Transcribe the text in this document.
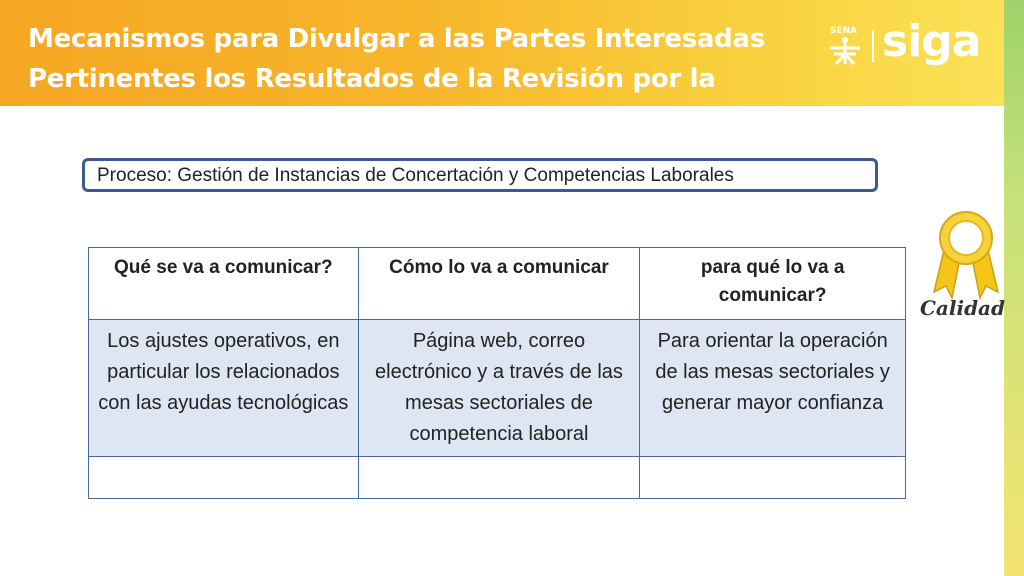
Mecanismos para Divulgar a las Partes Interesadas
Pertinentes los Resultados de la Revisión por la Dirección
SENA siga
Proceso: Gestión de Instancias de Concertación y Competencias Laborales
Qué se va a comunicar?	Cómo lo va a comunicar	para qué lo va a comunicar?
Los ajustes operativos, en particular los relacionados con las ayudas tecnológicas	Página web, correo electrónico y a través de las mesas sectoriales de competencia laboral	Para orientar la operación de las mesas sectoriales y generar mayor confianza

Calidad
